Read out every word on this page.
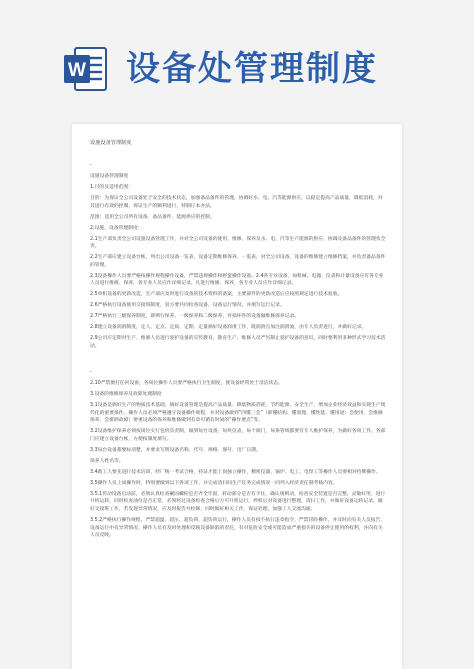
W 设备处管理制度

设施设备管理制度

-

设施设备管理制度

1.目的及适用范围：

目的：为保证全公司设备处于安全的技术状态，加强备品备件的管理，协调好水、电、汽等能源供应，以稳定提高产品质量，降低消耗，对其进行有效的控制，保证生产的顺利进行，特制订本办法。

范围：适用全公司所有设备、备品备件、能源供应的控制。

2.设施、设备管理制度：

2.1生产部负责全公司设施设备管理工作，并对全公司设备的使用、维修、保养及水、电、汽等生产能源的供应、协调及备品备件的管理负全责。

2.2生产部应建立设备台帐，列出公司设备一览表，设备定期维修保养、一览表，对全公司设备，设备的维修建立维修档案，并负责备品备件的管理。

2.3设备操作人员要严格按操作规程操作设备，严禁违规操作和野蛮操作设备。2.4各专业设备，如机械、电器、仪表和计量设备应有各专业人员进行维修、保养，各专业人员应作详细记录。凡进行维修、保养，各专业人员应作详细记录。

2.5单机设备的更新改造，生产部应及时进行设备的技术资料的备案，主要部件的更新改造后应按照规定进行技术验收。

2.6严格执行设备使用交接班制度，双方要共同检查设备，设备运行情况，并填写运行记录。

2.7严格执行三级保养制度，即例行保养、一级保养和二级保养，对损坏件的设备做维修保养记录。

2.8建立设备润滑制度，定人、定点、定质、定期、定量搞好设备润滑工作，既润滑点加注润滑油，由专人负责进行，并做好记录。

2.9公司应定期对生产、维修人员进行爱护设备的宣传教育，教育生产、维修人员严厉制止爱护设备的意识，同时要利用多种形式学习技术活动。

-

2.10严禁擅打任何设备，各岗位操作人员要严格执行卫生制度，使设备经常处于清洁状态。

3.设备的维修保养及故障处理制度

3.1设备是搞好生产的物质技术基础，搞好设备管理是提高产品质量、降低物质消耗，节约能源，安全生产，增加企业经济效益和实现生产现代化的重要条件。操作人员必须严格遵守设备操作规程，并对设备做到“四懂三会”（即懂结构、懂原理、懂性能、懂用途；会使用、会维修保养、会排除故障）要重设备的保养和维修做到有章可循有时间的“操作要点”等。

3.2设备维护保养必须按岗位实行包机负责制，做到每台设备，每块仪表，每个阀门，每条管线都要有专人维护保养，为做好各项工作，各部门应建立设备台帐，方便按制度填写。

3.3每台设备都要标清楚，并要求写明设备名称、代号、规格、图号、出厂日期。

保养人姓名等。

3.4新工人要先进行技术培训，经厂统一考试合格，持证才能上岗独立操作，精密仪器、锅炉、电工、电焊工等操作人员要相对持牌操作。

3.5操作人员上岗操作时，特别要做到以下各项工作，并完成清扫间生产任务完成情况一同列入经济责任制考核内容。

3.5.1传动设备启动前，必须认真检查紧固螺栓是否齐全牢固，转动部分是否有卡住，确认规则动，检查安全装置是否完整，灵敏好用，进行开机运转，同时检查油位是否正常，必须经过设备检查合格后方可开机运行，停机后对设备进行整理，清扫工作，并做好设备运转记录，做好交接班工作，若发现异常情况，应及时报告并检修，同时做好相关工作，保证处理，加强工人交流沟通。

3.5.2严格执行操作规程，严禁超温、超压、超负荷、超负荷运行，操作人员有权不执行违章指令，严禁冒险操作，并及时向有关人员报告，设备运行中有异常情况，操作人员有及时处理和反映设备缺陷的责任，有对危险安全或可能造成严重损失的设备停止使用的权利，并向有关人员反映。
